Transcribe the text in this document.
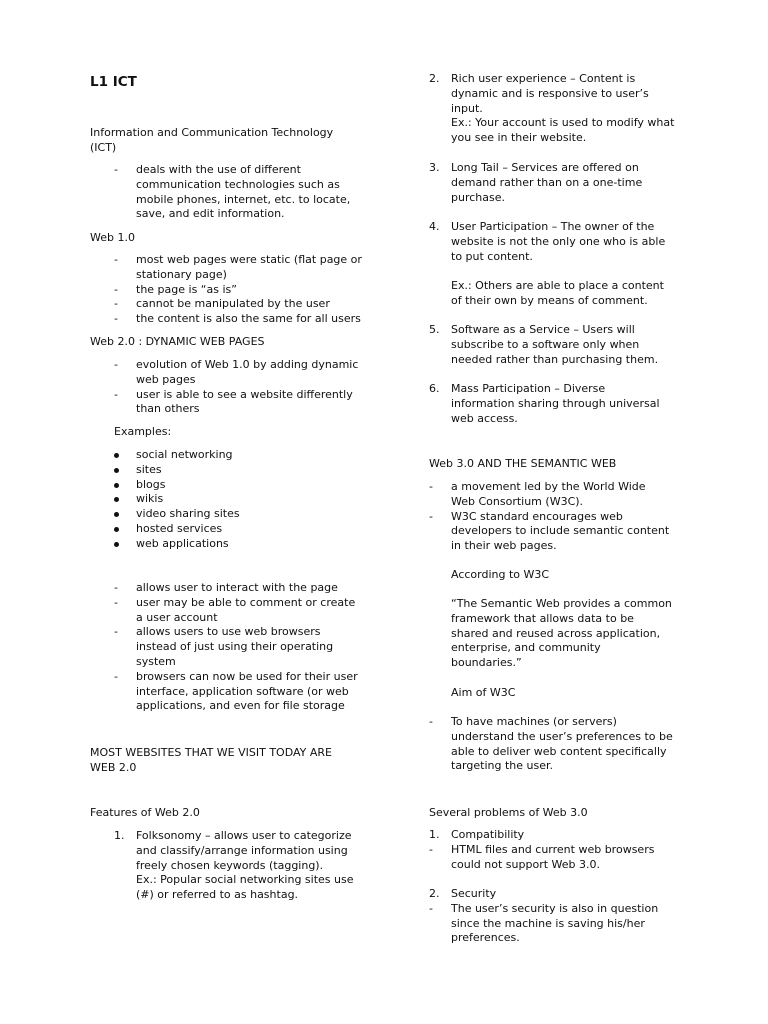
L1 ICT
Information and Communication Technology
(ICT)
- deals with the use of different
communication technologies such as
mobile phones, internet, etc. to locate,
save, and edit information.
Web 1.0
- most web pages were static (flat page or
stationary page)
- the page is “as is”
- cannot be manipulated by the user
- the content is also the same for all users
Web 2.0 : DYNAMIC WEB PAGES
- evolution of Web 1.0 by adding dynamic
web pages
- user is able to see a website differently
than others
Examples:
social networking
sites
blogs
wikis
video sharing sites
hosted services
web applications
- allows user to interact with the page
- user may be able to comment or create
a user account
- allows users to use web browsers
instead of just using their operating
system
- browsers can now be used for their user
interface, application software (or web
applications, and even for file storage
MOST WEBSITES THAT WE VISIT TODAY ARE
WEB 2.0
Features of Web 2.0
1. Folksonomy – allows user to categorize
and classify/arrange information using
freely chosen keywords (tagging).
Ex.: Popular social networking sites use
(#) or referred to as hashtag.
2. Rich user experience – Content is
dynamic and is responsive to user’s
input.
Ex.: Your account is used to modify what
you see in their website.
3. Long Tail – Services are offered on
demand rather than on a one-time
purchase.
4. User Participation – The owner of the
website is not the only one who is able
to put content.
Ex.: Others are able to place a content
of their own by means of comment.
5. Software as a Service – Users will
subscribe to a software only when
needed rather than purchasing them.
6. Mass Participation – Diverse
information sharing through universal
web access.
Web 3.0 AND THE SEMANTIC WEB
- a movement led by the World Wide
Web Consortium (W3C).
- W3C standard encourages web
developers to include semantic content
in their web pages.
According to W3C
“The Semantic Web provides a common
framework that allows data to be
shared and reused across application,
enterprise, and community
boundaries.”
Aim of W3C
- To have machines (or servers)
understand the user’s preferences to be
able to deliver web content specifically
targeting the user.
Several problems of Web 3.0
1. Compatibility
- HTML files and current web browsers
could not support Web 3.0.
2. Security
- The user’s security is also in question
since the machine is saving his/her
preferences.
